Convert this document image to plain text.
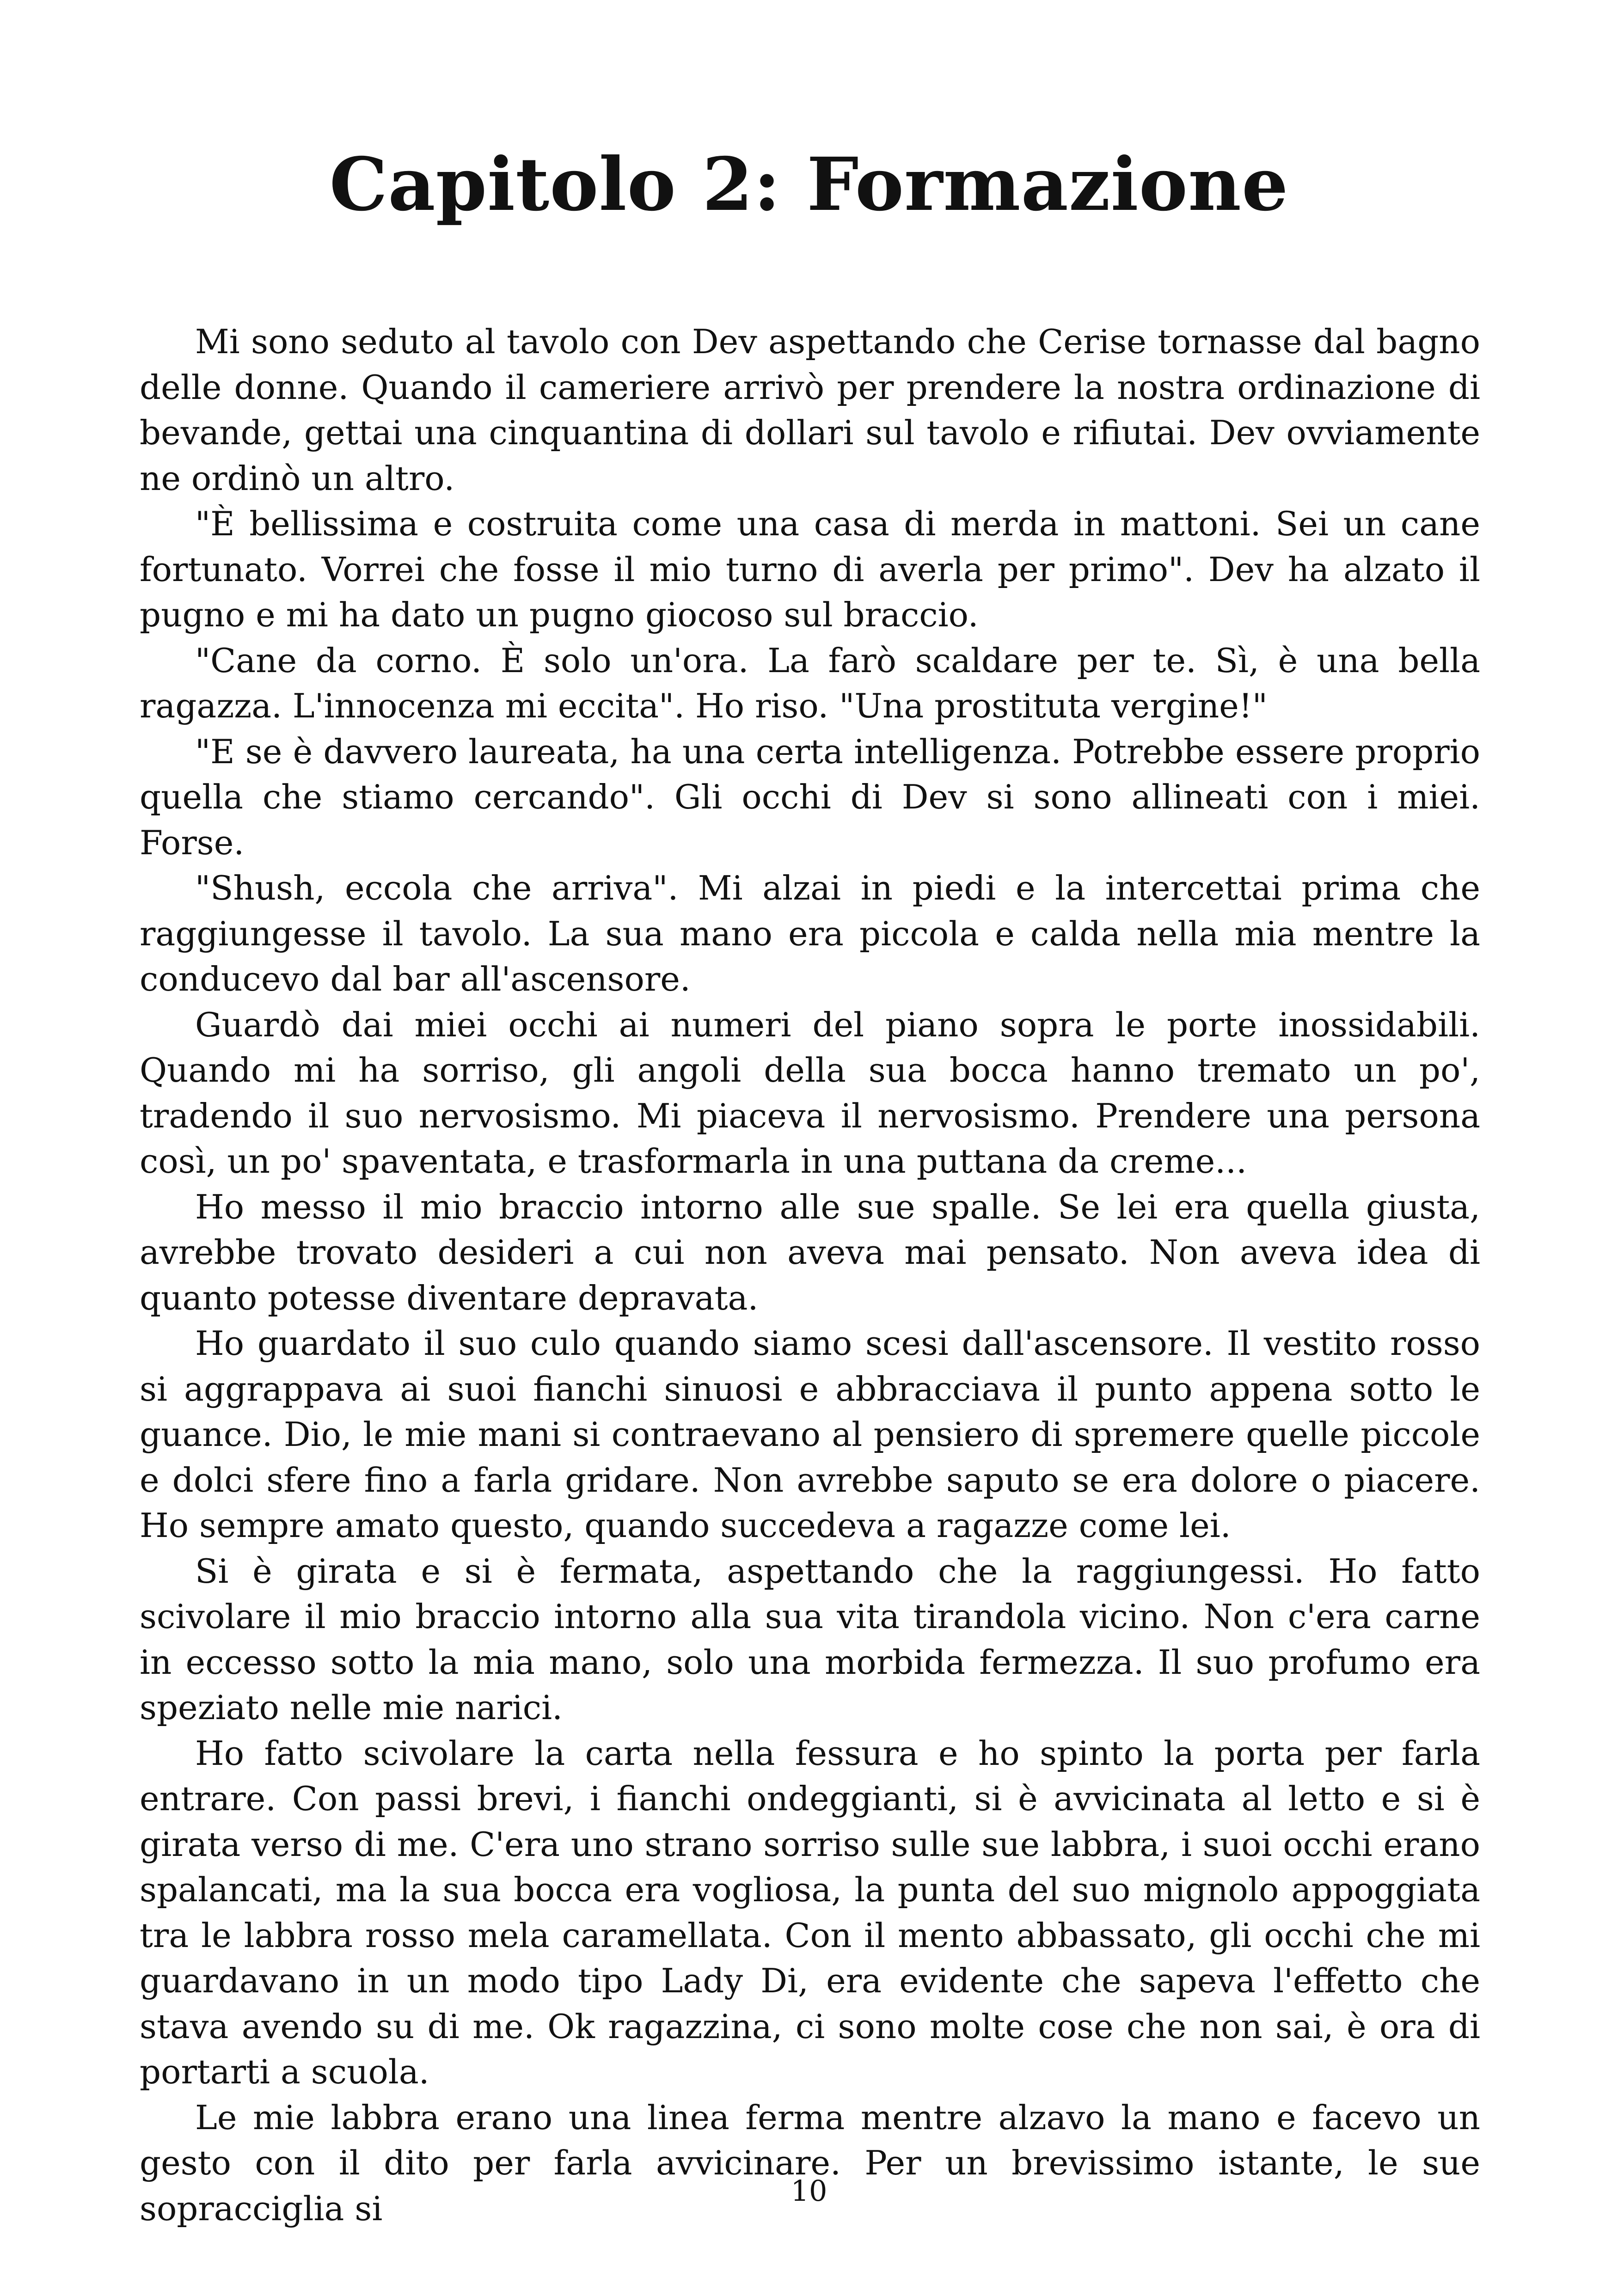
Capitolo 2: Formazione

Mi sono seduto al tavolo con Dev aspettando che Cerise tornasse dal bagno delle donne. Quando il cameriere arrivò per prendere la nostra ordinazione di bevande, gettai una cinquantina di dollari sul tavolo e rifiutai. Dev ovviamente ne ordinò un altro.

"È bellissima e costruita come una casa di merda in mattoni. Sei un cane fortunato. Vorrei che fosse il mio turno di averla per primo". Dev ha alzato il pugno e mi ha dato un pugno giocoso sul braccio.

"Cane da corno. È solo un'ora. La farò scaldare per te. Sì, è una bella ragazza. L'innocenza mi eccita". Ho riso. "Una prostituta vergine!"

"E se è davvero laureata, ha una certa intelligenza. Potrebbe essere proprio quella che stiamo cercando". Gli occhi di Dev si sono allineati con i miei. Forse.

"Shush, eccola che arriva". Mi alzai in piedi e la intercettai prima che raggiungesse il tavolo. La sua mano era piccola e calda nella mia mentre la conducevo dal bar all'ascensore.

Guardò dai miei occhi ai numeri del piano sopra le porte inossidabili. Quando mi ha sorriso, gli angoli della sua bocca hanno tremato un po', tradendo il suo nervosismo. Mi piaceva il nervosismo. Prendere una persona così, un po' spaventata, e trasformarla in una puttana da creme...

Ho messo il mio braccio intorno alle sue spalle. Se lei era quella giusta, avrebbe trovato desideri a cui non aveva mai pensato. Non aveva idea di quanto potesse diventare depravata.

Ho guardato il suo culo quando siamo scesi dall'ascensore. Il vestito rosso si aggrappava ai suoi fianchi sinuosi e abbracciava il punto appena sotto le guance. Dio, le mie mani si contraevano al pensiero di spremere quelle piccole e dolci sfere fino a farla gridare. Non avrebbe saputo se era dolore o piacere. Ho sempre amato questo, quando succedeva a ragazze come lei.

Si è girata e si è fermata, aspettando che la raggiungessi. Ho fatto scivolare il mio braccio intorno alla sua vita tirandola vicino. Non c'era carne in eccesso sotto la mia mano, solo una morbida fermezza. Il suo profumo era speziato nelle mie narici.

Ho fatto scivolare la carta nella fessura e ho spinto la porta per farla entrare. Con passi brevi, i fianchi ondeggianti, si è avvicinata al letto e si è girata verso di me. C'era uno strano sorriso sulle sue labbra, i suoi occhi erano spalancati, ma la sua bocca era vogliosa, la punta del suo mignolo appoggiata tra le labbra rosso mela caramellata. Con il mento abbassato, gli occhi che mi guardavano in un modo tipo Lady Di, era evidente che sapeva l'effetto che stava avendo su di me. Ok ragazzina, ci sono molte cose che non sai, è ora di portarti a scuola.

Le mie labbra erano una linea ferma mentre alzavo la mano e facevo un gesto con il dito per farla avvicinare. Per un brevissimo istante, le sue sopracciglia si	10
